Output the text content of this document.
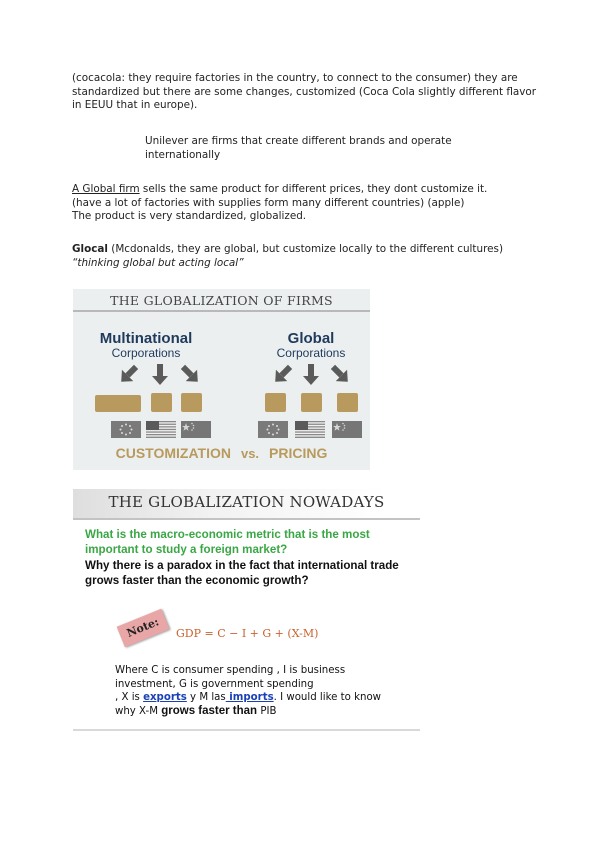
(cocacola: they require factories in the country, to connect to the consumer) they are standardized but there are some changes, customized (Coca Cola slightly different flavor in EEUU that in europe).

Unilever are firms that create different brands and operate internationally

A Global firm sells the same product for different prices, they dont customize it.
(have a lot of factories with supplies form many different countries) (apple)
The product is very standardized, globalized.
Glocal (Mcdonalds, they are global, but customize locally to the different cultures)
“thinking global but acting local”
THE GLOBALIZATION OF FIRMS
Multinational
Corporations
Global
Corporations
CUSTOMIZATION vs. PRICING
THE GLOBALIZATION NOWADAYS

What is the macro-economic metric that is the most important to study a foreign market?

Why there is a paradox in the fact that international trade grows faster than the economic growth?

Note:	GDP = C − I + G + (X-M)

Where C is consumer spending , I is business investment, G is government spending
, X is exports y M las imports. I would like to know why X-M grows faster than PIB
